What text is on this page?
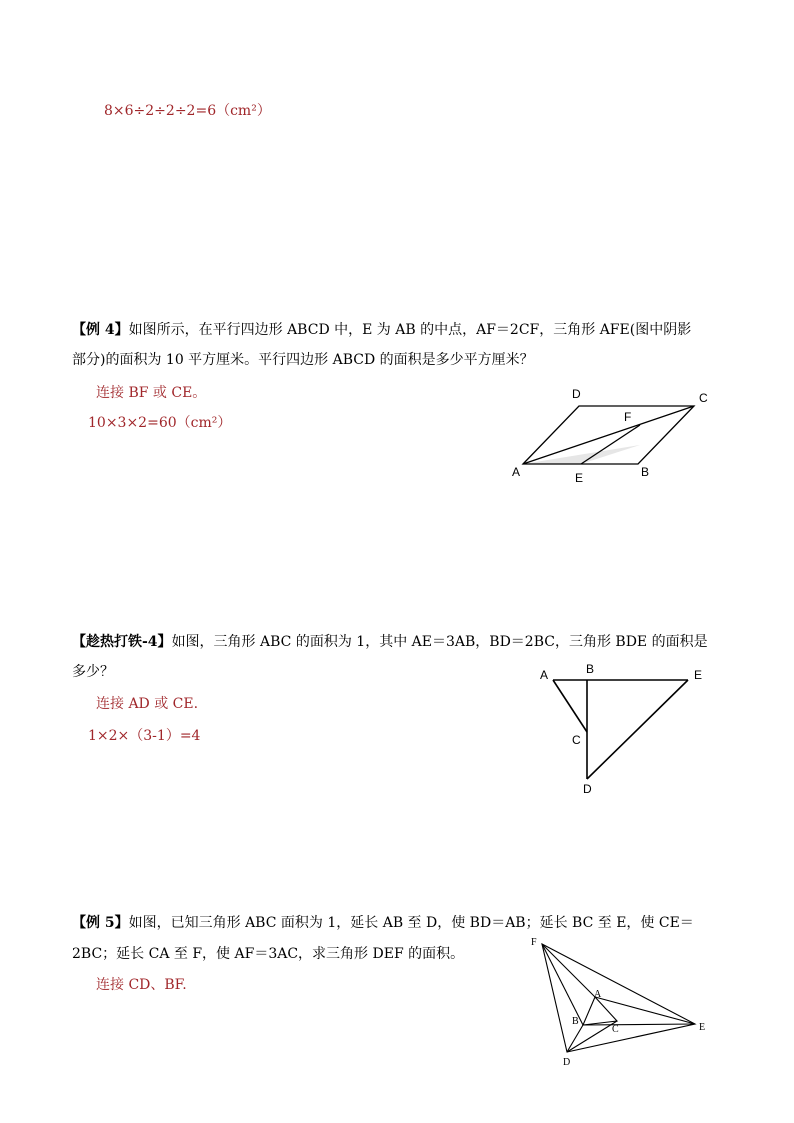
8×6÷2÷2÷2=6（cm²）
【例 4】如图所示，在平行四边形 ABCD 中，E 为 AB 的中点，AF＝2CF，三角形 AFE(图中阴影
部分)的面积为 10 平方厘米。平行四边形 ABCD 的面积是多少平方厘米？
连接 BF 或 CE。
10×3×2=60（cm²）
A	B
C
D
E
F
【趁热打铁-4】如图，三角形 ABC 的面积为 1，其中 AE＝3AB，BD＝2BC，三角形 BDE 的面积是
多少？
连接 AD 或 CE.
1×2×（3-1）=4
A	B
C
D
E
【例 5】如图，已知三角形 ABC 面积为 1，延长 AB 至 D，使 BD＝AB；延长 BC 至 E，使 CE＝
2BC；延长 CA 至 F，使 AF＝3AC，求三角形 DEF 的面积。
连接 CD、BF.
F
A
B
C
D
E
